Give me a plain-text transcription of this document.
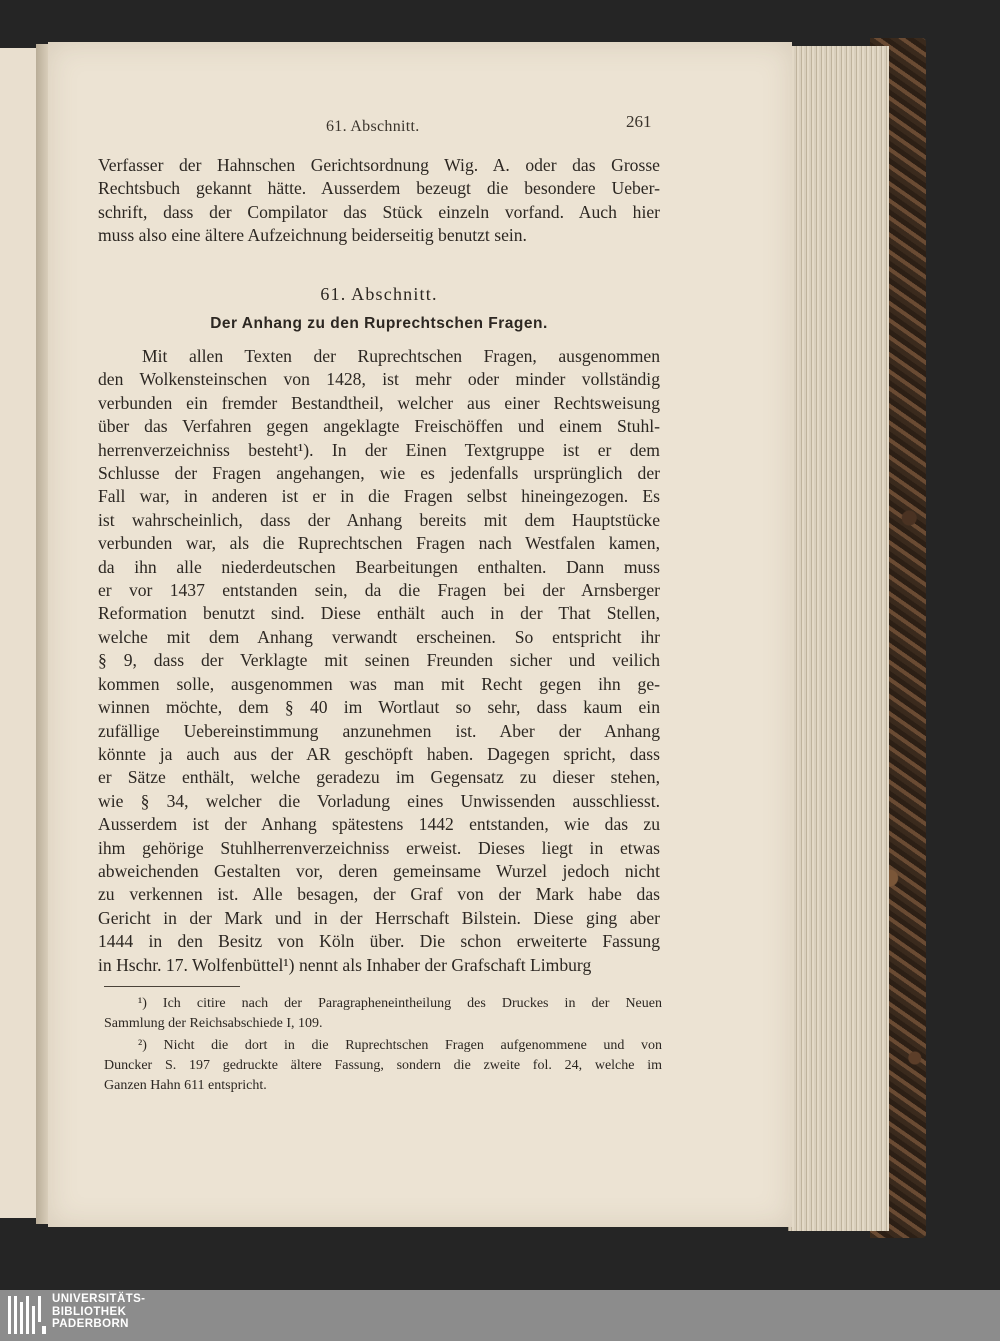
61. Abschnitt.	261

Verfasser der Hahnschen Gerichtsordnung Wig. A. oder das Grosse
Rechtsbuch gekannt hätte. Ausserdem bezeugt die besondere Ueber-
schrift, dass der Compilator das Stück einzeln vorfand. Auch hier
muss also eine ältere Aufzeichnung beiderseitig benutzt sein.

61. Abschnitt.
Der Anhang zu den Ruprechtschen Fragen.

Mit allen Texten der Ruprechtschen Fragen, ausgenommen
den Wolkensteinschen von 1428, ist mehr oder minder vollständig
verbunden ein fremder Bestandtheil, welcher aus einer Rechtsweisung
über das Verfahren gegen angeklagte Freischöffen und einem Stuhl-
herrenverzeichniss besteht¹). In der Einen Textgruppe ist er dem
Schlusse der Fragen angehangen, wie es jedenfalls ursprünglich der
Fall war, in anderen ist er in die Fragen selbst hineingezogen. Es
ist wahrscheinlich, dass der Anhang bereits mit dem Hauptstücke
verbunden war, als die Ruprechtschen Fragen nach Westfalen kamen,
da ihn alle niederdeutschen Bearbeitungen enthalten. Dann muss
er vor 1437 entstanden sein, da die Fragen bei der Arnsberger
Reformation benutzt sind. Diese enthält auch in der That Stellen,
welche mit dem Anhang verwandt erscheinen. So entspricht ihr
§ 9, dass der Verklagte mit seinen Freunden sicher und veilich
kommen solle, ausgenommen was man mit Recht gegen ihn ge-
winnen möchte, dem § 40 im Wortlaut so sehr, dass kaum ein
zufällige Uebereinstimmung anzunehmen ist. Aber der Anhang
könnte ja auch aus der AR geschöpft haben. Dagegen spricht, dass
er Sätze enthält, welche geradezu im Gegensatz zu dieser stehen,
wie § 34, welcher die Vorladung eines Unwissenden ausschliesst.
Ausserdem ist der Anhang spätestens 1442 entstanden, wie das zu
ihm gehörige Stuhlherrenverzeichniss erweist. Dieses liegt in etwas
abweichenden Gestalten vor, deren gemeinsame Wurzel jedoch nicht
zu verkennen ist. Alle besagen, der Graf von der Mark habe das
Gericht in der Mark und in der Herrschaft Bilstein. Diese ging aber
1444 in den Besitz von Köln über. Die schon erweiterte Fassung
in Hschr. 17. Wolfenbüttel¹) nennt als Inhaber der Grafschaft Limburg

¹) Ich citire nach der Paragrapheneintheilung des Druckes in der Neuen
Sammlung der Reichsabschiede I, 109.

²) Nicht die dort in die Ruprechtschen Fragen aufgenommene und von
Duncker S. 197 gedruckte ältere Fassung, sondern die zweite fol. 24, welche im
Ganzen Hahn 611 entspricht.

UNIVERSITÄTS-
BIBLIOTHEK
PADERBORN
